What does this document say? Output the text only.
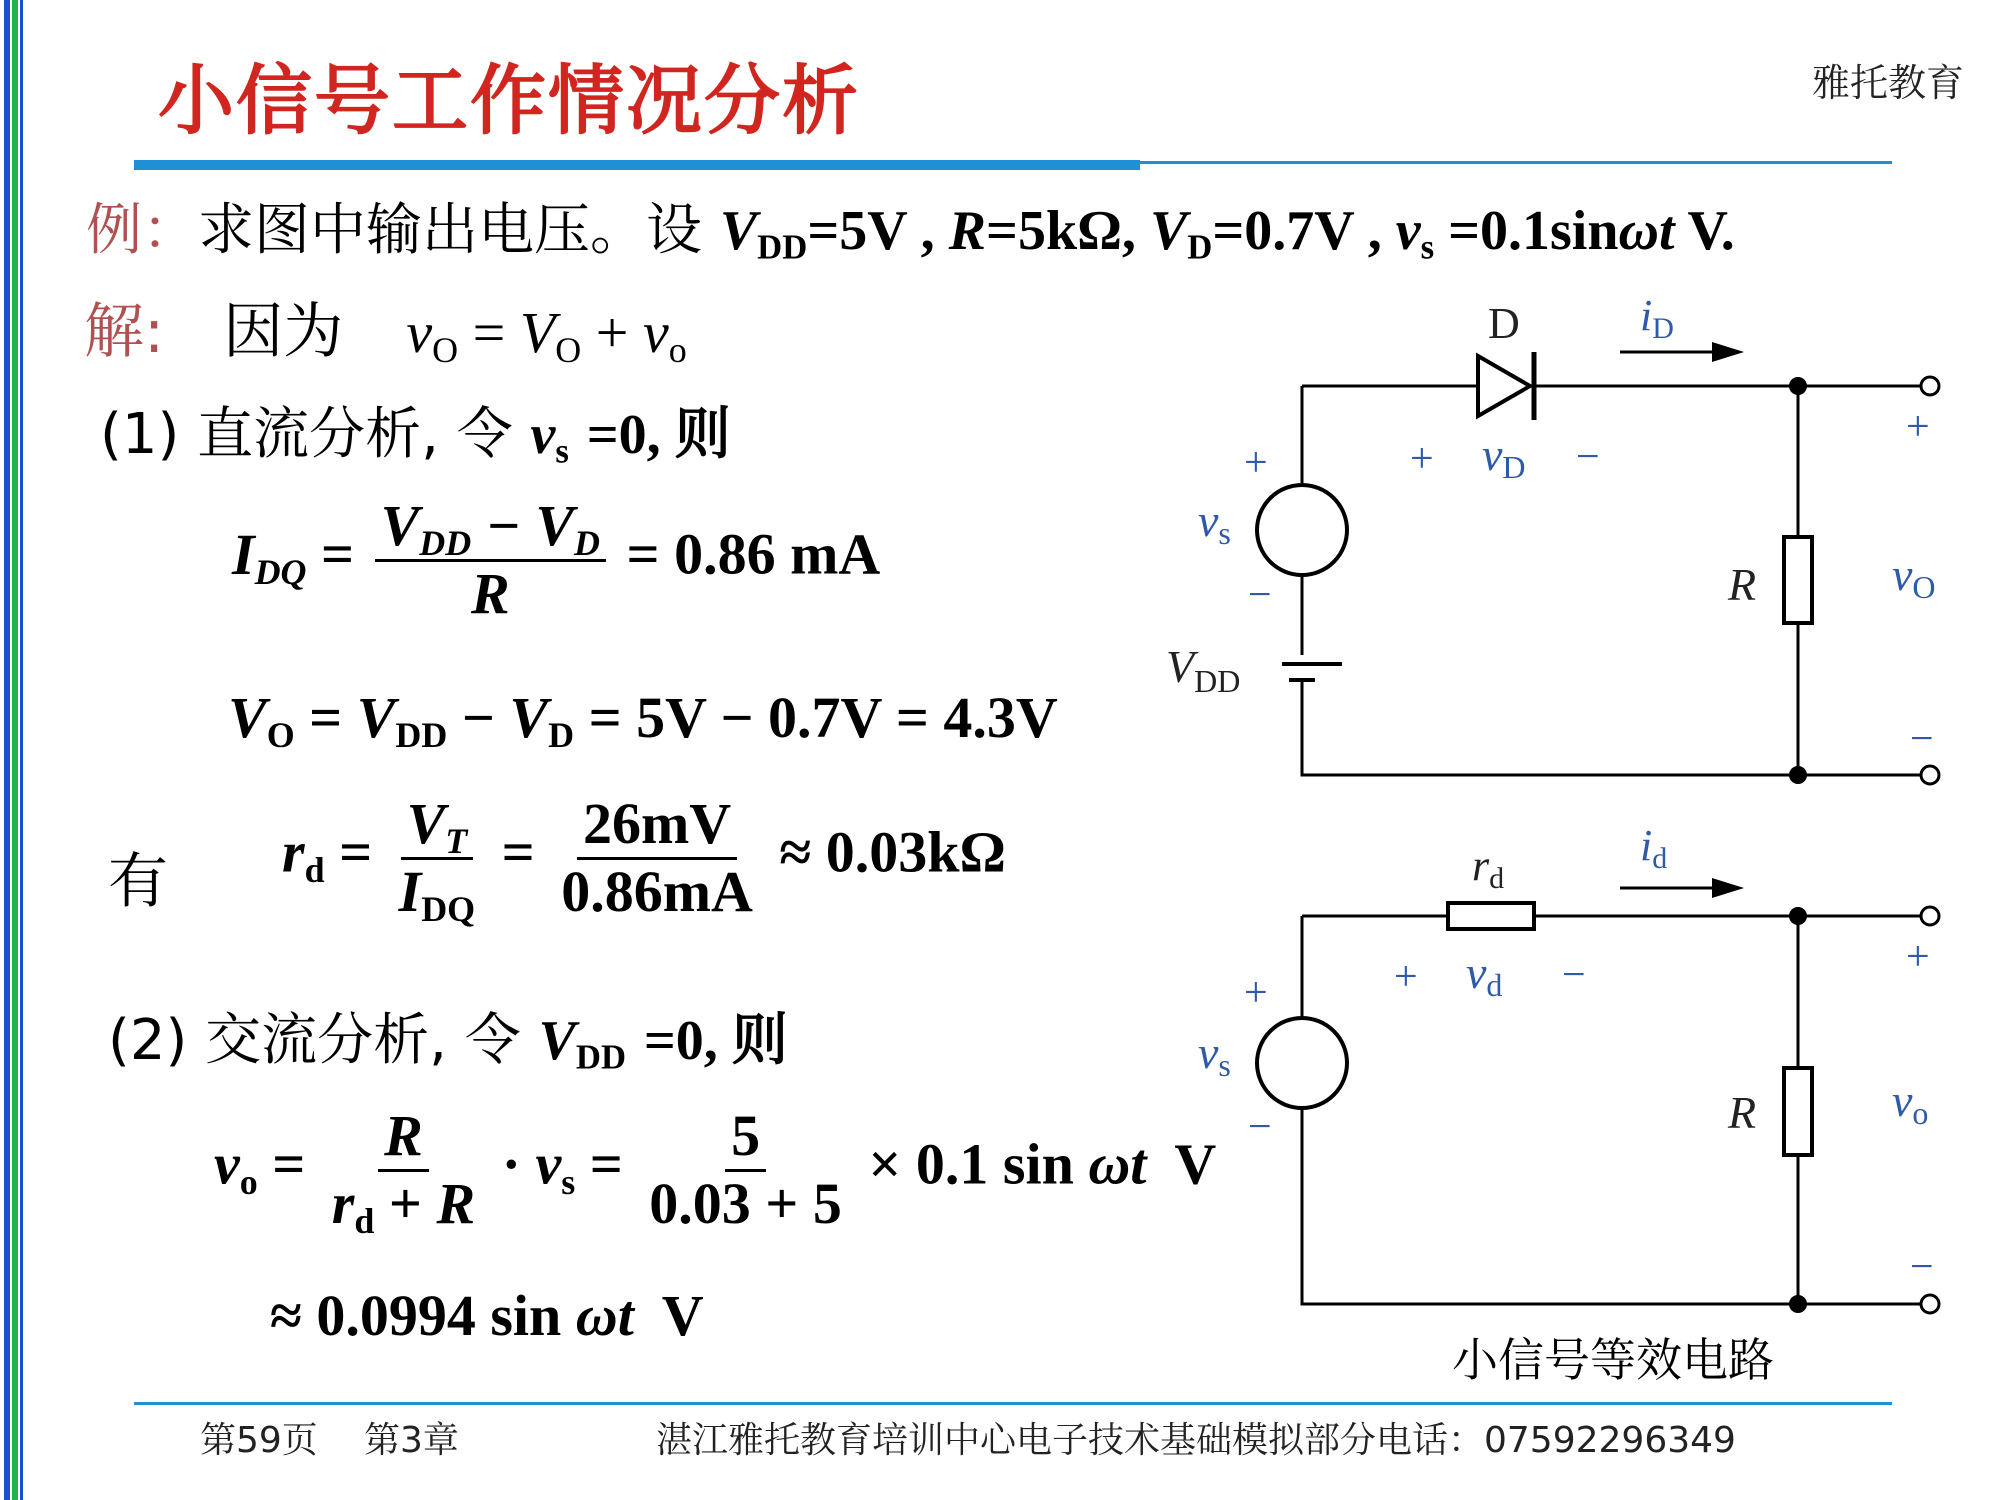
小信号工作情况分析	雅托教育
例：求图中输出电压。设 $V_{DD}=5V$ , R=5kΩ, $V_D=0.7V$ , $v_s =0.1\sin\omega t$ V.
解: 因为 $v_O = V_O + v_o$
(1) 直流分析, 令 $v_s =0$, 则
$I_{DQ} = \frac{V_{DD} - V_D}{R} = 0.86$ mA
$V_O = V_{DD} - V_D = 5V - 0.7V = 4.3V$
有 $r_d = \frac{V_T}{I_{DQ}} = \frac{26mV}{0.86mA} \approx 0.03k\Omega$
(2) 交流分析, 令 $V_{DD} =0$, 则
$v_o = \frac{R}{r_d + R} \cdot v_s = \frac{5}{0.03 + 5} \times 0.1$ sin ωt  V
≈ 0.0994 sin ωt  V
D	iD
+ vD −
+
vs
−
$V_{DD}$
R
+
vO
−
rd
id
+ vd −
+
vs
−	R
+
vo
−
小信号等效电路
第59页 第3章	湛江雅托教育培训中心电子技术基础模拟部分电话：07592296349
